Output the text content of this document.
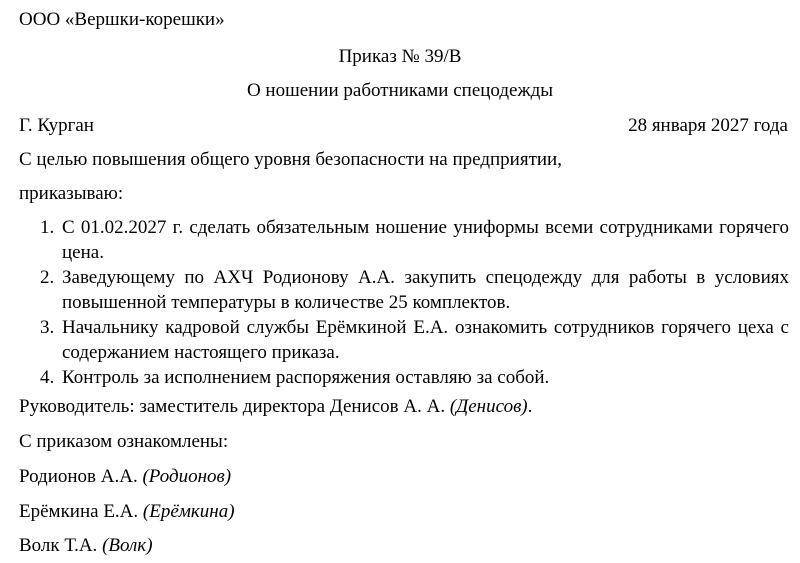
ООО «Вершки-корешки»
Приказ № 39/В
О ношении работниками спецодежды
Г. Курган	28 января 2027 года
С целью повышения общего уровня безопасности на предприятии,
приказываю:
1. С 01.02.2027 г. сделать обязательным ношение униформы всеми сотрудниками горячего цена.
2. Заведующему по АХЧ Родионову А.А. закупить спецодежду для работы в условиях повышенной температуры в количестве 25 комплектов.
3. Начальнику кадровой службы Ерёмкиной Е.А. ознакомить сотрудников горячего цеха с содержанием настоящего приказа.
4. Контроль за исполнением распоряжения оставляю за собой.
Руководитель: заместитель директора Денисов А. А. (Денисов).
С приказом ознакомлены:
Родионов А.А. (Родионов)
Ерёмкина Е.А. (Ерёмкина)
Волк Т.А. (Волк)
